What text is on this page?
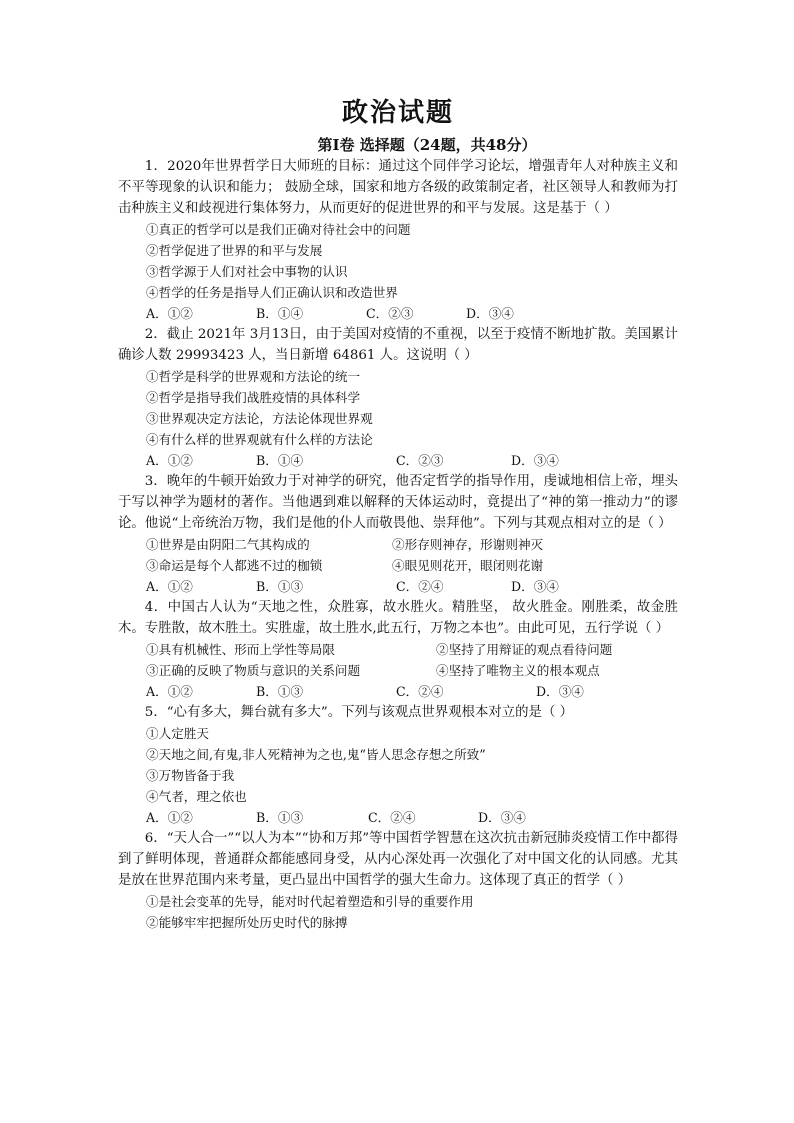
政治试题
第Ⅰ卷 选择题（24题，共48分）

1．2020年世界哲学日大师班的目标：通过这个同伴学习论坛，增强青年人对种族主义和不平等现象的认识和能力； 鼓励全球，国家和地方各级的政策制定者，社区领导人和教师为打击种族主义和歧视进行集体努力，从而更好的促进世界的和平与发展。这是基于（ ）

①真正的哲学可以是我们正确对待社会中的问题

②哲学促进了世界的和平与发展

③哲学源于人们对社会中事物的认识

④哲学的任务是指导人们正确认识和改造世界

A．①②	B．①④	C．②③	D．③④

2．截止 2021年 3月13日，由于美国对疫情的不重视，以至于疫情不断地扩散。美国累计确诊人数 29993423 人，当日新增 64861 人。这说明（ ）

①哲学是科学的世界观和方法论的统一

②哲学是指导我们战胜疫情的具体科学

③世界观决定方法论，方法论体现世界观

④有什么样的世界观就有什么样的方法论

A．①②	B．①④	C．②③	D．③④

3．晚年的牛顿开始致力于对神学的研究，他否定哲学的指导作用，虔诚地相信上帝，埋头于写以神学为题材的著作。当他遇到难以解释的天体运动时，竟提出了“神的第一推动力”的谬论。他说“上帝统治万物，我们是他的仆人而敬畏他、崇拜他”。下列与其观点相对立的是（ ）

①世界是由阴阳二气其构成的	②形存则神存，形谢则神灭
③命运是每个人都逃不过的枷锁	④眼见则花开，眼闭则花谢
A．①②	B．①③	C．②④	D．③④

4．中国古人认为“天地之性，众胜寡，故水胜火。精胜坚， 故火胜金。刚胜柔，故金胜木。专胜散，故木胜土。实胜虚，故土胜水,此五行，万物之本也”。由此可见，五行学说（ ）

①具有机械性、形而上学性等局限	②坚持了用辩证的观点看待问题
③正确的反映了物质与意识的关系问题	④坚持了唯物主义的根本观点
A．①②	B．①③	C．②④	D．③④

5．“心有多大，舞台就有多大”。下列与该观点世界观根本对立的是（ ）

①人定胜天

②天地之间,有鬼,非人死精神为之也,鬼“皆人思念存想之所致”

③万物皆备于我

④气者，理之依也

A．①②	B．①③	C．②④	D．③④

6．“天人合一”“以人为本”“协和万邦”等中国哲学智慧在这次抗击新冠肺炎疫情工作中都得到了鲜明体现，普通群众都能感同身受，从内心深处再一次强化了对中国文化的认同感。尤其是放在世界范围内来考量，更凸显出中国哲学的强大生命力。这体现了真正的哲学（ ）

①是社会变革的先导，能对时代起着塑造和引导的重要作用

②能够牢牢把握所处历史时代的脉搏
